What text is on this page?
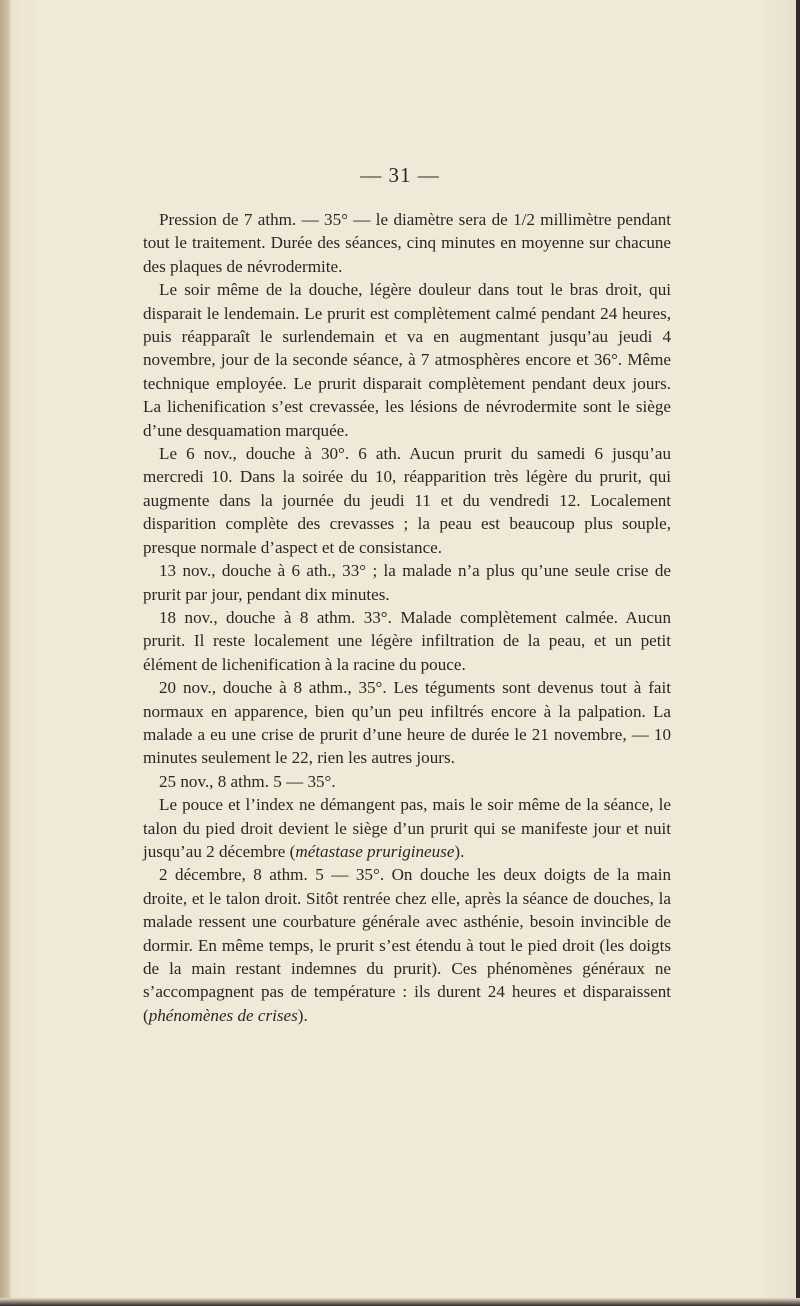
— 31 —

Pression de 7 athm. — 35° — le diamètre sera de 1/2 millimètre pendant tout le traitement. Durée des séances, cinq minutes en moyenne sur chacune des plaques de névrodermite.

Le soir même de la douche, légère douleur dans tout le bras droit, qui disparait le lendemain. Le prurit est complètement calmé pendant 24 heures, puis réapparaît le surlendemain et va en augmentant jusqu’au jeudi 4 novembre, jour de la seconde séance, à 7 atmosphères encore et 36°. Même technique employée. Le prurit disparait complètement pendant deux jours. La lichenification s’est crevassée, les lésions de névrodermite sont le siège d’une desquamation marquée.

Le 6 nov., douche à 30°. 6 ath. Aucun prurit du samedi 6 jusqu’au mercredi 10. Dans la soirée du 10, réapparition très légère du prurit, qui augmente dans la journée du jeudi 11 et du vendredi 12. Localement disparition complète des crevasses ; la peau est beaucoup plus souple, presque normale d’aspect et de consistance.

13 nov., douche à 6 ath., 33° ; la malade n’a plus qu’une seule crise de prurit par jour, pendant dix minutes.

18 nov., douche à 8 athm. 33°. Malade complètement calmée. Aucun prurit. Il reste localement une légère infiltration de la peau, et un petit élément de lichenification à la racine du pouce.

20 nov., douche à 8 athm., 35°. Les téguments sont devenus tout à fait normaux en apparence, bien qu’un peu infiltrés encore à la palpation. La malade a eu une crise de prurit d’une heure de durée le 21 novembre, — 10 minutes seulement le 22, rien les autres jours.

25 nov., 8 athm. 5 — 35°.

Le pouce et l’index ne démangent pas, mais le soir même de la séance, le talon du pied droit devient le siège d’un prurit qui se manifeste jour et nuit jusqu’au 2 décembre (métastase prurigineuse).

2 décembre, 8 athm. 5 — 35°. On douche les deux doigts de la main droite, et le talon droit. Sitôt rentrée chez elle, après la séance de douches, la malade ressent une courbature générale avec asthénie, besoin invincible de dormir. En même temps, le prurit s’est étendu à tout le pied droit (les doigts de la main restant indemnes du prurit). Ces phénomènes généraux ne s’accompagnent pas de température : ils durent 24 heures et disparaissent (phénomènes de crises).
